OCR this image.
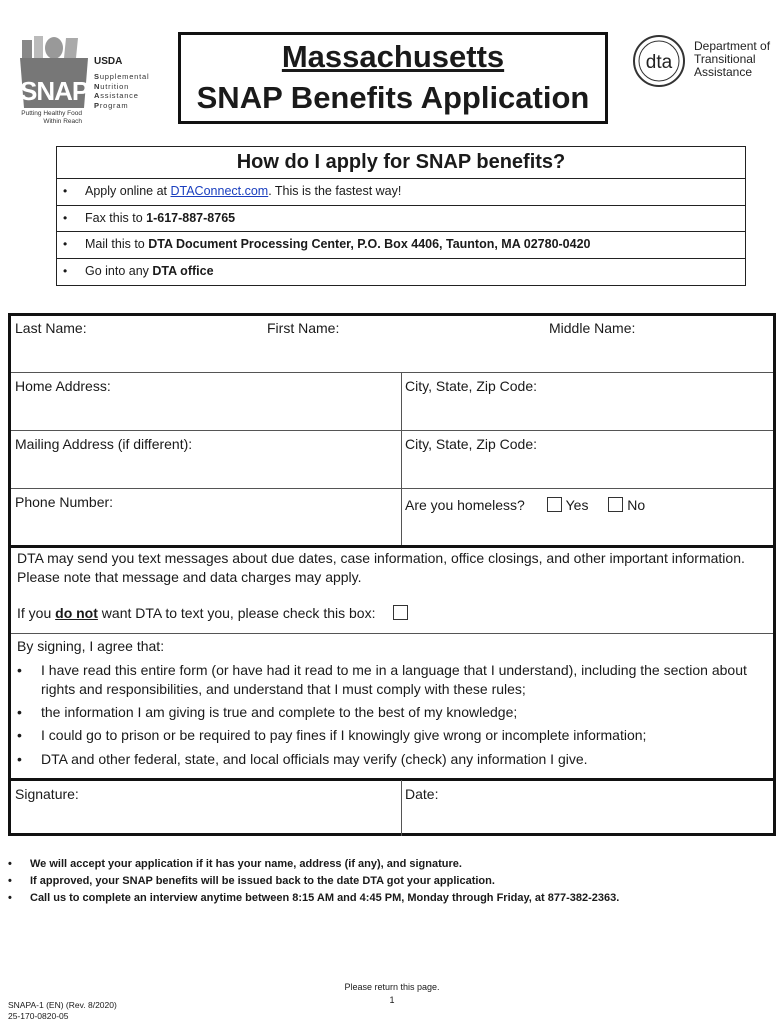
SNAP
USDA
Supplemental
Nutrition
Assistance
Program
Putting Healthy Food
Within Reach
Massachusetts
SNAP Benefits Application
dta
Department of
Transitional
Assistance
How do I apply for SNAP benefits?
• Apply online at DTAConnect.com. This is the fastest way!
• Fax this to 1-617-887-8765
• Mail this to DTA Document Processing Center, P.O. Box 4406, Taunton, MA 02780-0420
• Go into any DTA office
Last Name:	First Name:	Middle Name:
Home Address:	City, State, Zip Code:
Mailing Address (if different):	City, State, Zip Code:
Phone Number:	Are you homeless?	Yes	No
DTA may send you text messages about due dates, case information, office closings, and other important information. Please note that message and data charges may apply.
If you do not want DTA to text you, please check this box:
By signing, I agree that:
• I have read this entire form (or have had it read to me in a language that I understand), including the section about rights and responsibilities, and understand that I must comply with these rules;
• the information I am giving is true and complete to the best of my knowledge;
• I could go to prison or be required to pay fines if I knowingly give wrong or incomplete information;
• DTA and other federal, state, and local officials may verify (check) any information I give.
Signature:	Date:
• We will accept your application if it has your name, address (if any), and signature.
• If approved, your SNAP benefits will be issued back to the date DTA got your application.
• Call us to complete an interview anytime between 8:15 AM and 4:45 PM, Monday through Friday, at 877-382-2363.
Please return this page.
1
SNAPA-1 (EN) (Rev. 8/2020)
25-170-0820-05
